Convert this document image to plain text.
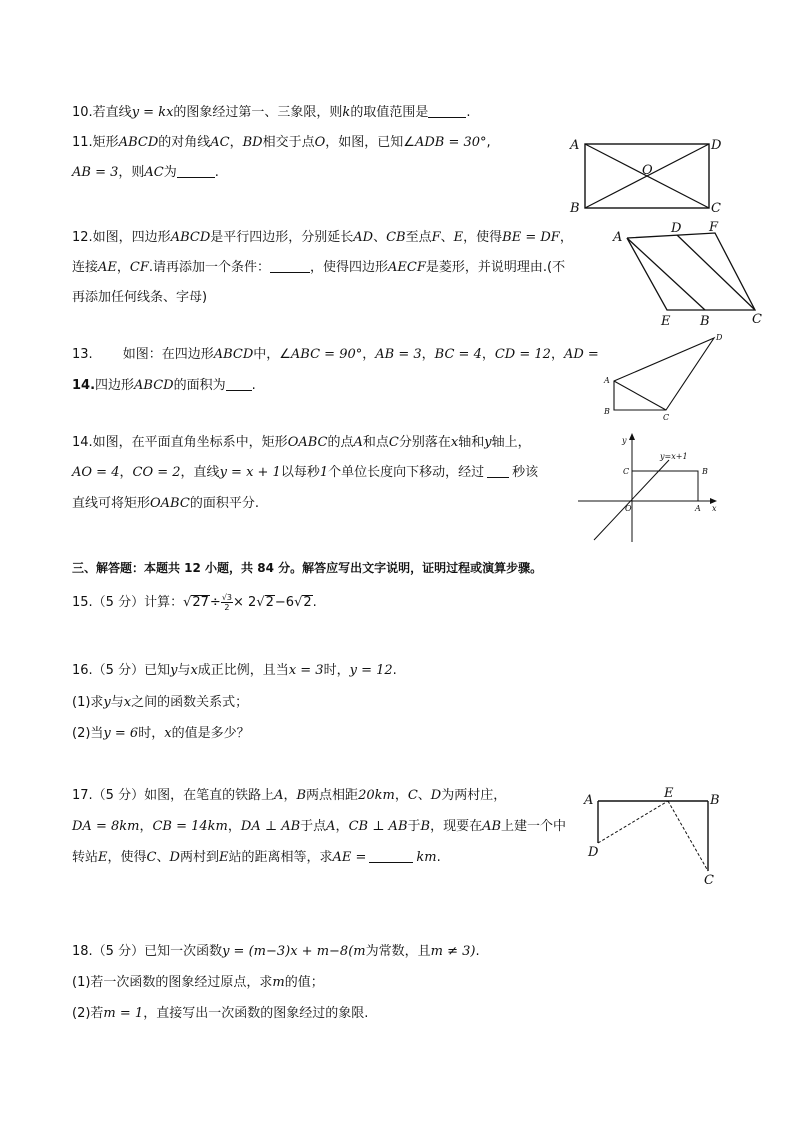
10.若直线y = kx的图象经过第一、三象限，则k的取值范围是	.
11.矩形ABCD的对角线AC，BD相交于点O，如图，已知∠ADB = 30°,
AB = 3，则AC为	.
A	D
B	C
O
12.如图，四边形ABCD是平行四边形，分别延长AD、CB至点F、E，使得BE = DF，
连接AE，CF.请再添加一个条件：	，使得四边形AECF是菱形，并说明理由.(不
再添加任何线条、字母)
A
D F
E B	C
13. 如图：在四边形ABCD中，∠ABC = 90°，AB = 3，BC = 4，CD = 12，AD =
14.四边形ABCD的面积为 .	A
B
C
D
14.如图，在平面直角坐标系中，矩形OABC的点A和点C分别落在x轴和y轴上，
AO = 4，CO = 2，直线y = x + 1以每秒1个单位长度向下移动，经过 秒该
直线可将矩形OABC的面积平分.
y
x
O	A
B
C
y=x+1
三、解答题：本题共 12 小题，共 84 分。解答应写出文字说明，证明过程或演算步骤。
15.（5 分）计算：$√27\div \frac{√3}{2} \times 2√2-6√2$.
16.（5 分）已知y与x成正比例，且当x = 3时，y = 12.
(1)求y与x之间的函数关系式；
(2)当y = 6时，x的值是多少？
17.（5 分）如图，在笔直的铁路上A，B两点相距20km，C、D为两村庄，
DA = 8km，CB = 14km，DA ⊥ AB于点A，CB ⊥ AB于B，现要在AB上建一个中
转站E，使得C、D两村到E站的距离相等，求AE =	km.
A	E	B
D
C
18.（5 分）已知一次函数y = (m−3)x + m−8(m为常数，且m ≠ 3).
(1)若一次函数的图象经过原点，求m的值；
(2)若m = 1，直接写出一次函数的图象经过的象限.
